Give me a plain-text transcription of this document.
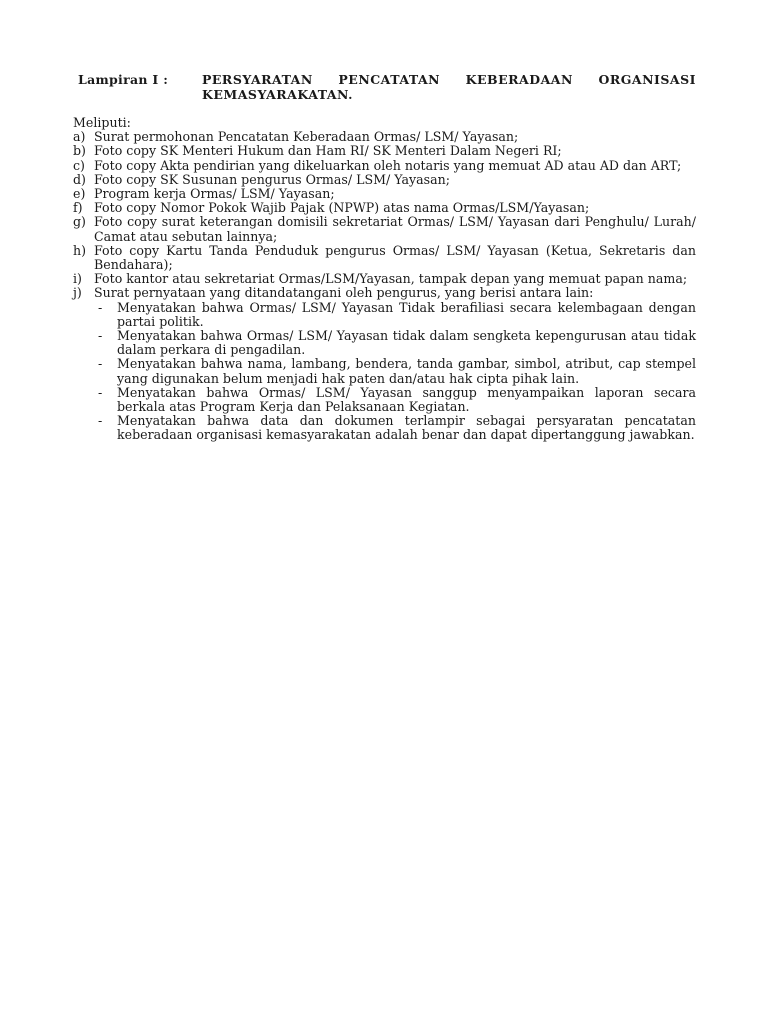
Lampiran I :	PERSYARATAN PENCATATAN KEBERADAAN ORGANISASI
KEMASYARAKATAN.

Meliputi:

a) Surat permohonan Pencatatan Keberadaan Ormas/ LSM/ Yayasan;
b) Foto copy SK Menteri Hukum dan Ham RI/ SK Menteri Dalam Negeri RI;
c) Foto copy Akta pendirian yang dikeluarkan oleh notaris yang memuat AD atau AD dan ART;
d) Foto copy SK Susunan pengurus Ormas/ LSM/ Yayasan;
e) Program kerja Ormas/ LSM/ Yayasan;
f) Foto copy Nomor Pokok Wajib Pajak (NPWP) atas nama Ormas/LSM/Yayasan;
g) Foto copy surat keterangan domisili sekretariat Ormas/ LSM/ Yayasan dari Penghulu/ Lurah/ Camat atau sebutan lainnya;
h) Foto copy Kartu Tanda Penduduk pengurus Ormas/ LSM/ Yayasan (Ketua, Sekretaris dan Bendahara);
i) Foto kantor atau sekretariat Ormas/LSM/Yayasan, tampak depan yang memuat papan nama;
j) Surat pernyataan yang ditandatangani oleh pengurus, yang berisi antara lain:
- Menyatakan bahwa Ormas/ LSM/ Yayasan Tidak berafiliasi secara kelembagaan dengan partai politik.
- Menyatakan bahwa Ormas/ LSM/ Yayasan tidak dalam sengketa kepengurusan atau tidak dalam perkara di pengadilan.
- Menyatakan bahwa nama, lambang, bendera, tanda gambar, simbol, atribut, cap stempel yang digunakan belum menjadi hak paten dan/atau hak cipta pihak lain.
- Menyatakan bahwa Ormas/ LSM/ Yayasan sanggup menyampaikan laporan secara berkala atas Program Kerja dan Pelaksanaan Kegiatan.
- Menyatakan bahwa data dan dokumen terlampir sebagai persyaratan pencatatan keberadaan organisasi kemasyarakatan adalah benar dan dapat dipertanggung jawabkan.
